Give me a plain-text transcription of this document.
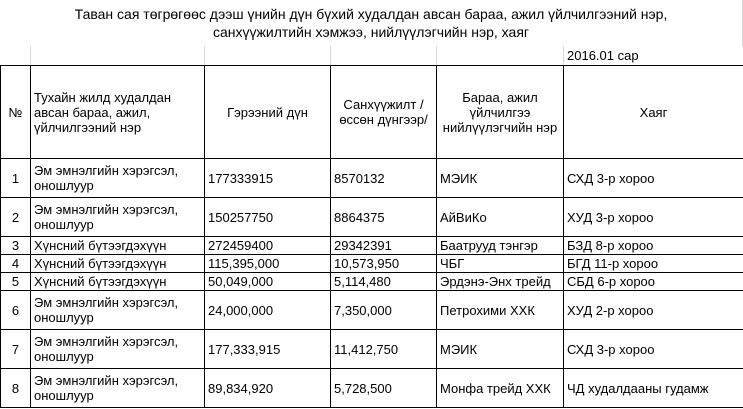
Таван сая төгрөгөөс дээш үнийн дүн бүхий худалдан авсан бараа, ажил үйлчилгээний нэр,
санхүүжилтийн хэмжээ, нийлүүлэгчийн нэр, хаяг
					2016.01 сар
№	Тухайн жилд худалдан авсан бараа, ажил, үйлчилгээний нэр	Гэрээний дүн	Санхүүжилт /өссөн дүнгээр/	Бараа, ажил үйлчилгээ нийлүүлэгчийн нэр	Хаяг
1	Эм эмнэлгийн хэрэгсэл, оношлуур	177333915	8570132	МЭИК	СХД 3-р хороо
2	Эм эмнэлгийн хэрэгсэл, оношлуур	150257750	8864375	АйВиКо	ХУД 3-р хороо
3	Хүнсний бүтээгдэхүүн	272459400	29342391	Баатрууд тэнгэр	БЗД 8-р хороо
4	Хүнсний бүтээгдэхүүн	115,395,000	10,573,950	ЧБГ	БГД 11-р хороо
5	Хүнсний бүтээгдэхүүн	50,049,000	5,114,480	Эрдэнэ-Энх трейд	СБД 6-р хороо
6	Эм эмнэлгийн хэрэгсэл, оношлуур	24,000,000	7,350,000	Петрохими ХХК	ХУД 2-р хороо
7	Эм эмнэлгийн хэрэгсэл, оношлуур	177,333,915	11,412,750	МЭИК	СХД 3-р хороо
8	Эм эмнэлгийн хэрэгсэл, оношлуур	89,834,920	5,728,500	Монфа трейд ХХК	ЧД худалдааны гудамж
